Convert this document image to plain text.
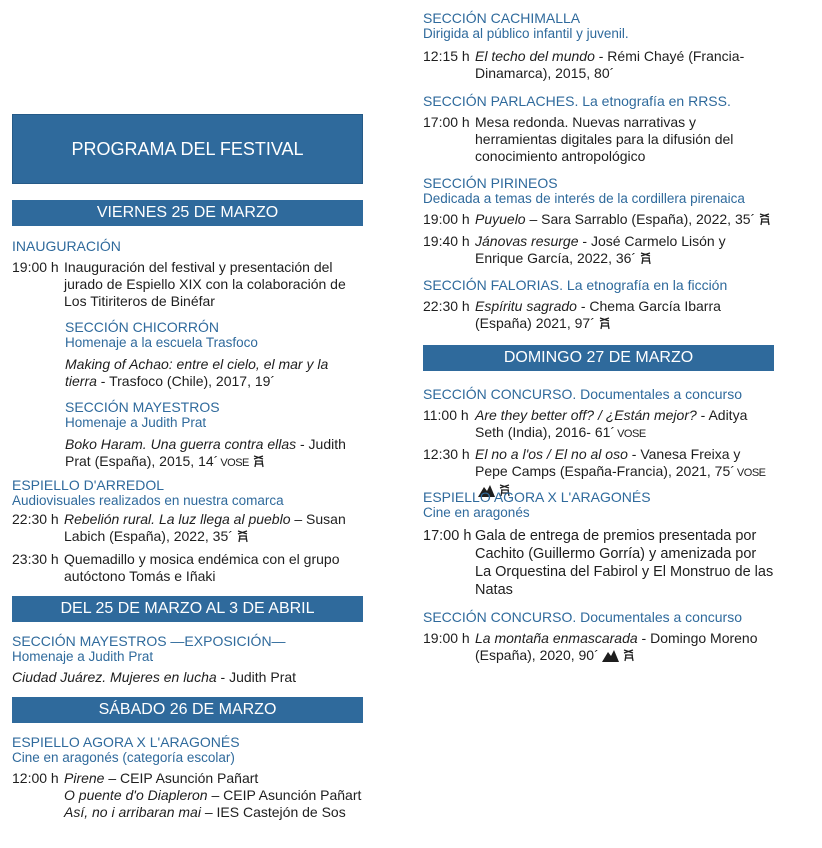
PROGRAMA DEL FESTIVAL
VIERNES 25 DE MARZO
INAUGURACIÓN
19:00 h Inauguración del festival y presentación del jurado de Espiello XIX con la colaboración de Los Titiriteros de Binéfar
SECCIÓN CHICORRÓN
Homenaje a la escuela Trasfoco
Making of Achao: entre el cielo, el mar y la tierra - Trasfoco (Chile), 2017, 19´
SECCIÓN MAYESTROS
Homenaje a Judith Prat
Boko Haram. Una guerra contra ellas - Judith Prat (España), 2015, 14´ VOSE
ESPIELLO D'ARREDOL
Audiovisuales realizados en nuestra comarca
22:30 h Rebelión rural. La luz llega al pueblo – Susan Labich (España), 2022, 35´
23:30 h Quemadillo y mosica endémica con el grupo autóctono Tomás e Iñaki
DEL 25 DE MARZO AL 3 DE ABRIL
SECCIÓN MAYESTROS —EXPOSICIÓN—
Homenaje a Judith Prat
Ciudad Juárez. Mujeres en lucha - Judith Prat
SÁBADO 26 DE MARZO
ESPIELLO AGORA X L'ARAGONÉS
Cine en aragonés (categoría escolar)
12:00 h Pirene – CEIP Asunción Pañart
O puente d'o Diapleron – CEIP Asunción Pañart
Así, no i arribaran mai – IES Castejón de Sos
SECCIÓN CACHIMALLA
Dirigida al público infantil y juvenil.
12:15 h El techo del mundo - Rémi Chayé (Francia-Dinamarca), 2015, 80´
SECCIÓN PARLACHES. La etnografía en RRSS.
17:00 h Mesa redonda. Nuevas narrativas y herramientas digitales para la difusión del conocimiento antropológico
SECCIÓN PIRINEOS
Dedicada a temas de interés de la cordillera pirenaica
19:00 h Puyuelo – Sara Sarrablo (España), 2022, 35´
19:40 h Jánovas resurge - José Carmelo Lisón y Enrique García, 2022, 36´
SECCIÓN FALORIAS. La etnografía en la ficción
22:30 h Espíritu sagrado - Chema García Ibarra (España) 2021, 97´
DOMINGO 27 DE MARZO
SECCIÓN CONCURSO. Documentales a concurso
11:00 h Are they better off? / ¿Están mejor? - Aditya Seth (India), 2016- 61´ VOSE
12:30 h El no a l'os / El no al oso - Vanesa Freixa y Pepe Camps (España-Francia), 2021, 75´ VOSE
ESPIELLO AGORA X L'ARAGONÉS
Cine en aragonés
17:00 h Gala de entrega de premios presentada por Cachito (Guillermo Gorría) y amenizada por La Orquestina del Fabirol y El Monstruo de las Natas
SECCIÓN CONCURSO. Documentales a concurso
19:00 h La montaña enmascarada - Domingo Moreno (España), 2020, 90´
